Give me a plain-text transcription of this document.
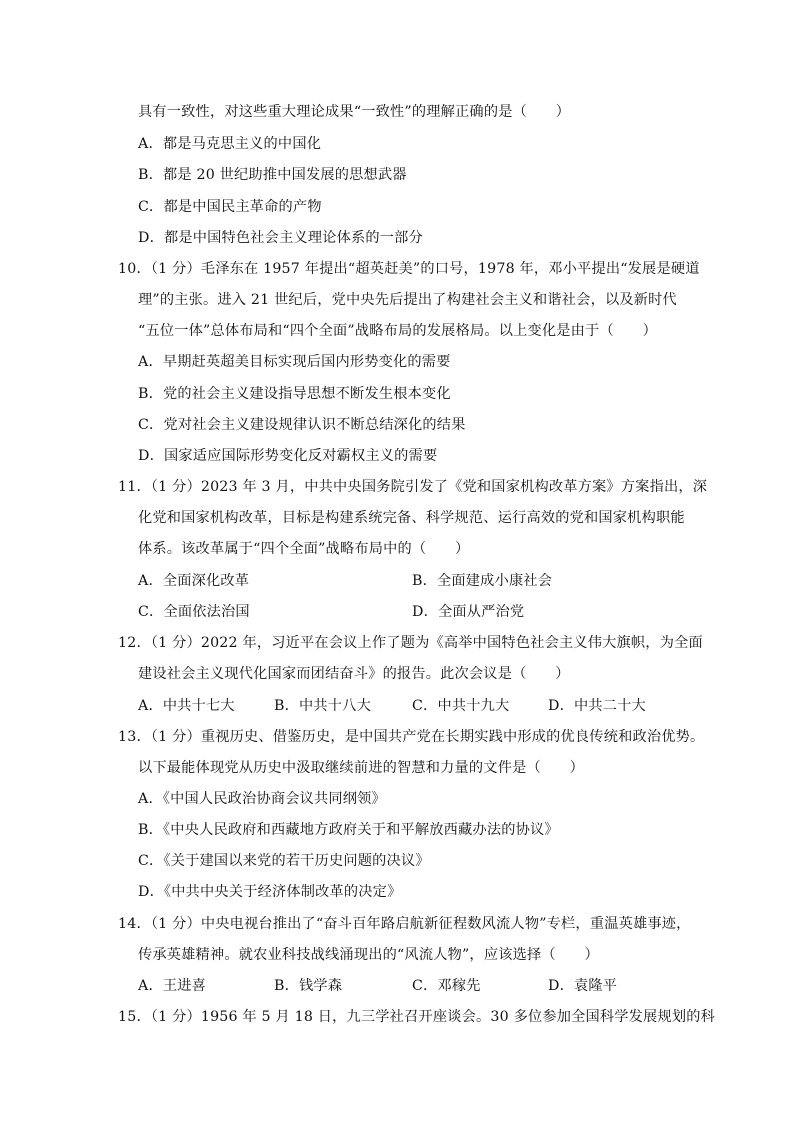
具有一致性，对这些重大理论成果“一致性”的理解正确的是（　　）
A．都是马克思主义的中国化
B．都是 20 世纪助推中国发展的思想武器
C．都是中国民主革命的产物
D．都是中国特色社会主义理论体系的一部分
10．（1 分）毛泽东在 1957 年提出“超英赶美”的口号，1978 年，邓小平提出“发展是硬道
理”的主张。进入 21 世纪后，党中央先后提出了构建社会主义和谐社会，以及新时代
“五位一体”总体布局和“四个全面”战略布局的发展格局。以上变化是由于（　　）
A．早期赶英超美目标实现后国内形势变化的需要
B．党的社会主义建设指导思想不断发生根本变化
C．党对社会主义建设规律认识不断总结深化的结果
D．国家适应国际形势变化反对霸权主义的需要
11．（1 分）2023 年 3 月，中共中央国务院引发了《党和国家机构改革方案》方案指出，深
化党和国家机构改革，目标是构建系统完备、科学规范、运行高效的党和国家机构职能
体系。该改革属于“四个全面”战略布局中的（　　）
A．全面深化改革	B．全面建成小康社会
C．全面依法治国	D．全面从严治党
12．（1 分）2022 年，习近平在会议上作了题为《高举中国特色社会主义伟大旗帜，为全面
建设社会主义现代化国家而团结奋斗》的报告。此次会议是（　　）
A．中共十七大	B．中共十八大	C．中共十九大	D．中共二十大
13．（1 分）重视历史、借鉴历史，是中国共产党在长期实践中形成的优良传统和政治优势。
以下最能体现党从历史中汲取继续前进的智慧和力量的文件是（　　）
A．《中国人民政治协商会议共同纲领》
B．《中央人民政府和西藏地方政府关于和平解放西藏办法的协议》
C．《关于建国以来党的若干历史问题的决议》
D．《中共中央关于经济体制改革的决定》
14．（1 分）中央电视台推出了“奋斗百年路启航新征程数风流人物”专栏，重温英雄事迹，
传承英雄精神。就农业科技战线涌现出的“风流人物”，应该选择（　　）
A．王进喜	B．钱学森	C．邓稼先	D．袁隆平
15．（1 分）1956 年 5 月 18 日，九三学社召开座谈会。30 多位参加全国科学发展规划的科
